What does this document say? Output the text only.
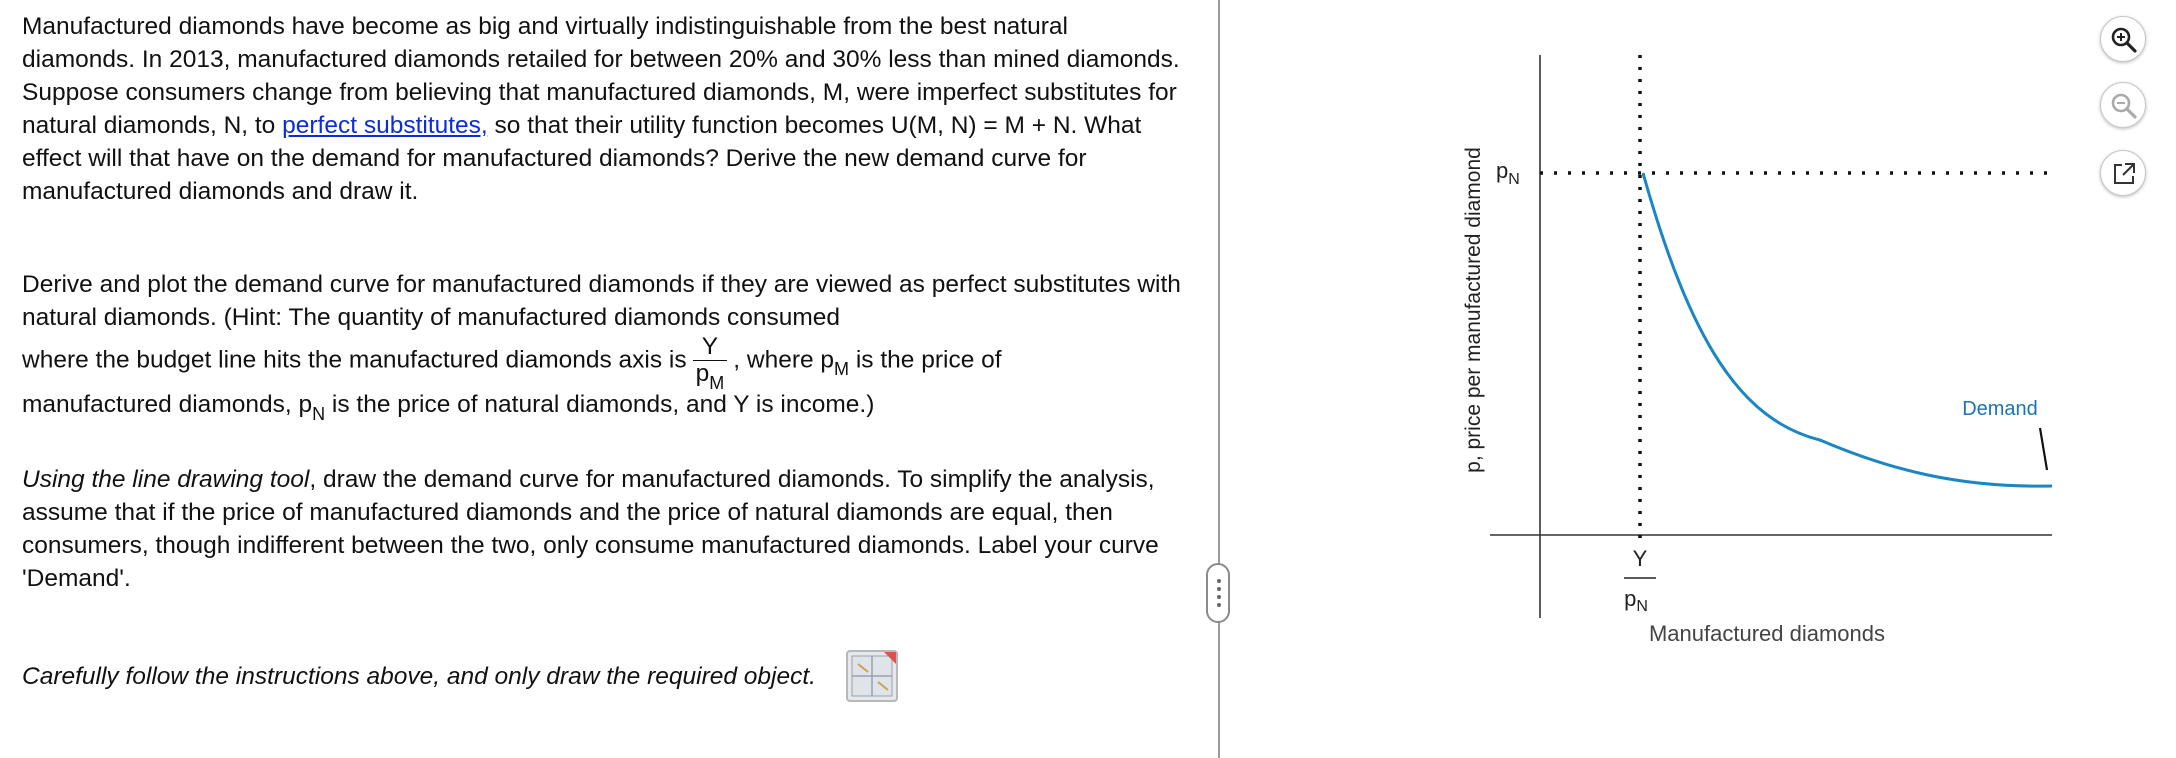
Manufactured diamonds have become as big and virtually indistinguishable from the best natural diamonds. In 2013, manufactured diamonds retailed for between 20% and 30% less than mined diamonds. Suppose consumers change from believing that manufactured diamonds, M, were imperfect substitutes for natural diamonds, N, to perfect substitutes, so that their utility function becomes U(M, N) = M + N. What effect will that have on the demand for manufactured diamonds? Derive the new demand curve for manufactured diamonds and draw it.

Derive and plot the demand curve for manufactured diamonds if they are viewed as perfect substitutes with natural diamonds. (Hint: The quantity of manufactured diamonds consumed

where the budget line hits the manufactured diamonds axis is $\frac{Y}{p_M}$ , where $p_M$ is the price of

manufactured diamonds, $p_N$ is the price of natural diamonds, and Y is income.)

Using the line drawing tool, draw the demand curve for manufactured diamonds. To simplify the analysis, assume that if the price of manufactured diamonds and the price of natural diamonds are equal, then consumers, though indifferent between the two, only consume manufactured diamonds. Label your curve 'Demand'.

Carefully follow the instructions above, and only draw the required object.
p, price per manufactured diamond $p_N$
Y
$p_N$
Manufactured diamonds
Demand
